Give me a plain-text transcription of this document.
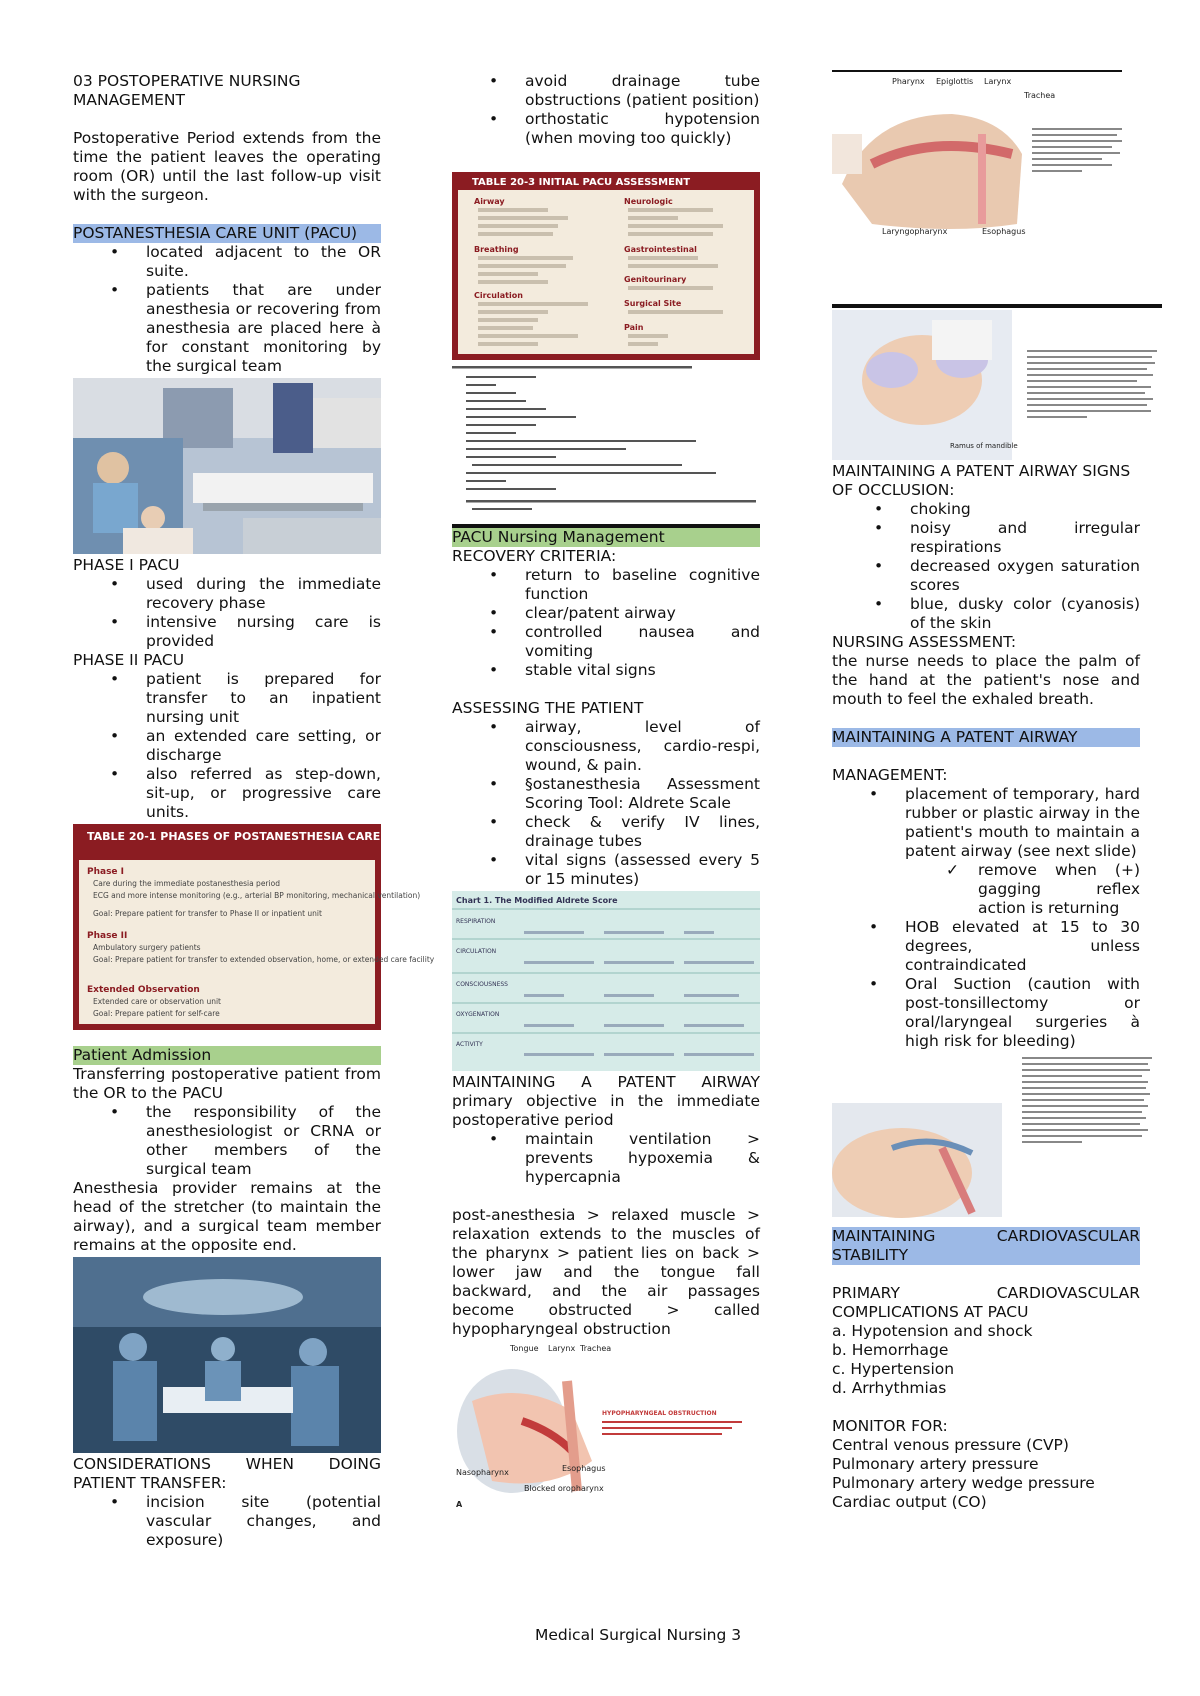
03 POSTOPERATIVE NURSING MANAGEMENT

Postoperative Period extends from the time the patient leaves the operating room (OR) until the last follow-up visit with the surgeon.

POSTANESTHESIA CARE UNIT (PACU)
• located adjacent to the OR suite.
• patients that are under anesthesia or recovering from anesthesia are placed here à for constant monitoring by the surgical team

PHASE I PACU

• used during the immediate recovery phase
• intensive nursing care is provided

PHASE II PACU

• patient is prepared for transfer to an inpatient nursing unit
• an extended care setting, or discharge
• also referred as step-down, sit-up, or progressive care units.
TABLE 20-1 PHASES OF POSTANESTHESIA CARE
Phase I
Care during the immediate postanesthesia period
ECG and more intense monitoring (e.g., arterial BP monitoring, mechanical ventilation)
Goal: Prepare patient for transfer to Phase II or inpatient unit
Phase II
Ambulatory surgery patients
Goal: Prepare patient for transfer to extended observation, home, or extended care facility
Extended Observation
Extended care or observation unit
Goal: Prepare patient for self-care
Patient Admission

Transferring postoperative patient from the OR to the PACU

• the responsibility of the anesthesiologist or CRNA or other members of the surgical team

Anesthesia provider remains at the head of the stretcher (to maintain the airway), and a surgical team member remains at the opposite end.

CONSIDERATIONS WHEN DOING PATIENT TRANSFER:

• incision site (potential vascular changes, and exposure)
• avoid drainage tube obstructions (patient position)
• orthostatic hypotension (when moving too quickly)
TABLE 20-3 INITIAL PACU ASSESSMENT
Airway
Breathing
Circulation
Neurologic
Gastrointestinal
Genitourinary
Surgical Site
Pain
PACU Nursing Management

RECOVERY CRITERIA:

• return to baseline cognitive function
• clear/patent airway
• controlled nausea and vomiting
• stable vital signs

ASSESSING THE PATIENT

• airway, level of consciousness, cardio-respi, wound, & pain.
• §ostanesthesia Assessment Scoring Tool: Aldrete Scale
• check & verify IV lines, drainage tubes
• vital signs (assessed every 5 or 15 minutes)
Chart 1. The Modified Aldrete Score
RESPIRATION
CIRCULATION
CONSCIOUSNESS
OXYGENATION
ACTIVITY

MAINTAINING A PATENT AIRWAY

primary objective in the immediate postoperative period

• maintain ventilation > prevents hypoxemia & hypercapnia

post-anesthesia > relaxed muscle > relaxation extends to the muscles of the pharynx > patient lies on back > lower jaw and the tongue fall backward, and the air passages become obstructed > called hypopharyngeal obstruction

Tongue Larynx Trachea
Nasopharynx	Esophagus
Blocked oropharynx
A
HYPOPHARYNGEAL OBSTRUCTION
Pharynx Epiglottis Larynx
Trachea
Laryngopharynx	Esophagus
Ramus of mandible

MAINTAINING A PATENT AIRWAY SIGNS OF OCCLUSION:

• choking
• noisy and irregular respirations
• decreased oxygen saturation scores
• blue, dusky color (cyanosis) of the skin

NURSING ASSESSMENT:

the nurse needs to place the palm of the hand at the patient's nose and mouth to feel the exhaled breath.

MAINTAINING A PATENT AIRWAY

MANAGEMENT:

• placement of temporary, hard rubber or plastic airway in the patient's mouth to maintain a patent airway (see next slide)
✓ remove when (+) gagging reflex action is returning
• HOB elevated at 15 to 30 degrees, unless contraindicated
• Oral Suction (caution with post-tonsillectomy or oral/laryngeal surgeries à high risk for bleeding)
MAINTAINING CARDIOVASCULAR STABILITY

PRIMARY CARDIOVASCULAR COMPLICATIONS AT PACU

a. Hypotension and shock

b. Hemorrhage

c. Hypertension

d. Arrhythmias

MONITOR FOR:

Central venous pressure (CVP)

Pulmonary artery pressure

Pulmonary artery wedge pressure

Cardiac output (CO)

Medical Surgical Nursing 3
